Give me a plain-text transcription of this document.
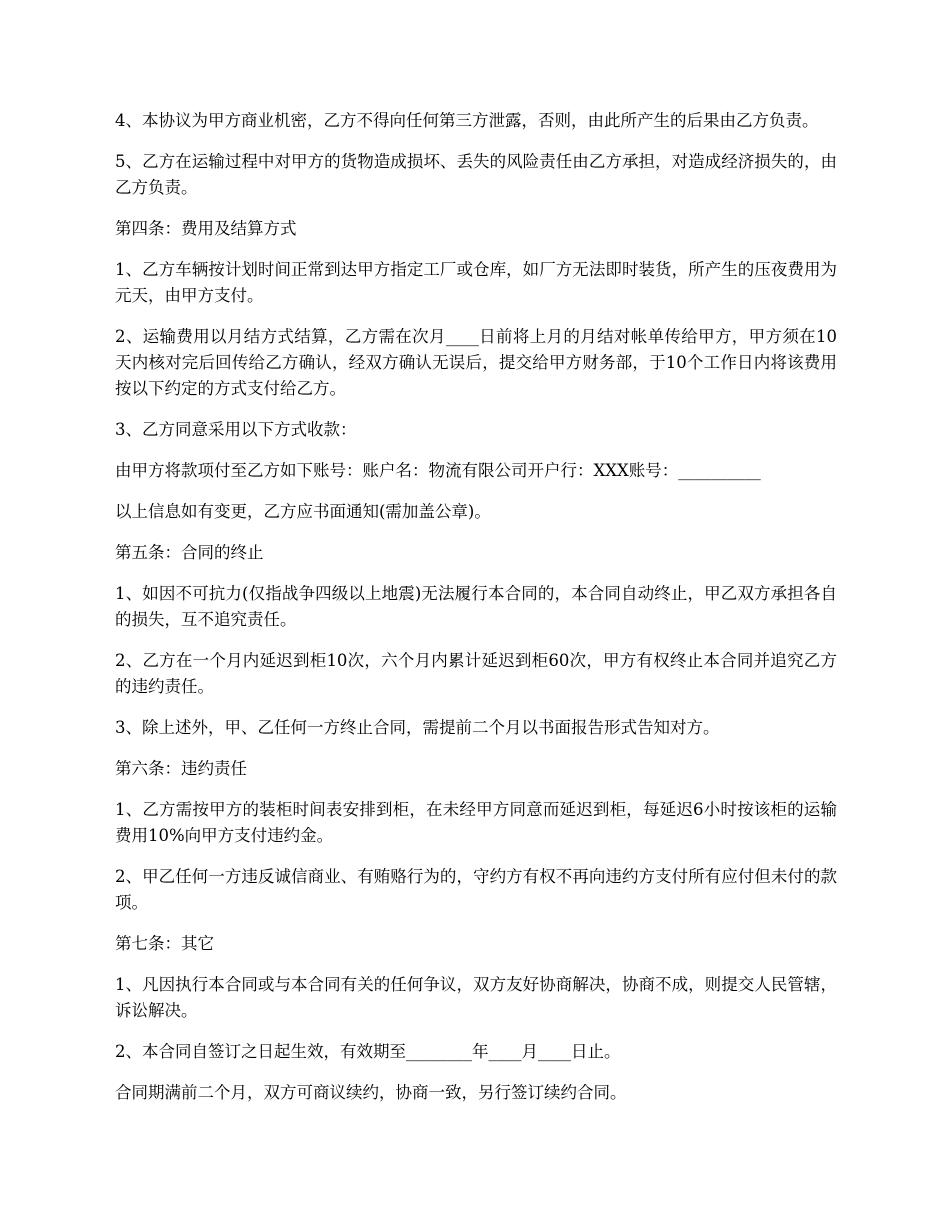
4、本协议为甲方商业机密，乙方不得向任何第三方泄露，否则，由此所产生的后果由乙方负责。

5、乙方在运输过程中对甲方的货物造成损坏、丢失的风险责任由乙方承担，对造成经济损失的，由乙方负责。

第四条：费用及结算方式

1、乙方车辆按计划时间正常到达甲方指定工厂或仓库，如厂方无法即时装货，所产生的压夜费用为元天，由甲方支付。

2、运输费用以月结方式结算，乙方需在次月____日前将上月的月结对帐单传给甲方，甲方须在10天内核对完后回传给乙方确认，经双方确认无误后，提交给甲方财务部，于10个工作日内将该费用按以下约定的方式支付给乙方。

3、乙方同意采用以下方式收款：

由甲方将款项付至乙方如下账号：账户名：物流有限公司开户行：XXX账号：__________

以上信息如有变更，乙方应书面通知(需加盖公章)。

第五条：合同的终止

1、如因不可抗力(仅指战争四级以上地震)无法履行本合同的，本合同自动终止，甲乙双方承担各自的损失，互不追究责任。

2、乙方在一个月内延迟到柜10次，六个月内累计延迟到柜60次，甲方有权终止本合同并追究乙方的违约责任。

3、除上述外，甲、乙任何一方终止合同，需提前二个月以书面报告形式告知对方。

第六条：违约责任

1、乙方需按甲方的装柜时间表安排到柜，在未经甲方同意而延迟到柜，每延迟6小时按该柜的运输费用10%向甲方支付违约金。

2、甲乙任何一方违反诚信商业、有贿赂行为的，守约方有权不再向违约方支付所有应付但未付的款项。

第七条：其它

1、凡因执行本合同或与本合同有关的任何争议，双方友好协商解决，协商不成，则提交人民管辖，诉讼解决。

2、本合同自签订之日起生效，有效期至________年____月____日止。

合同期满前二个月，双方可商议续约，协商一致，另行签订续约合同。
